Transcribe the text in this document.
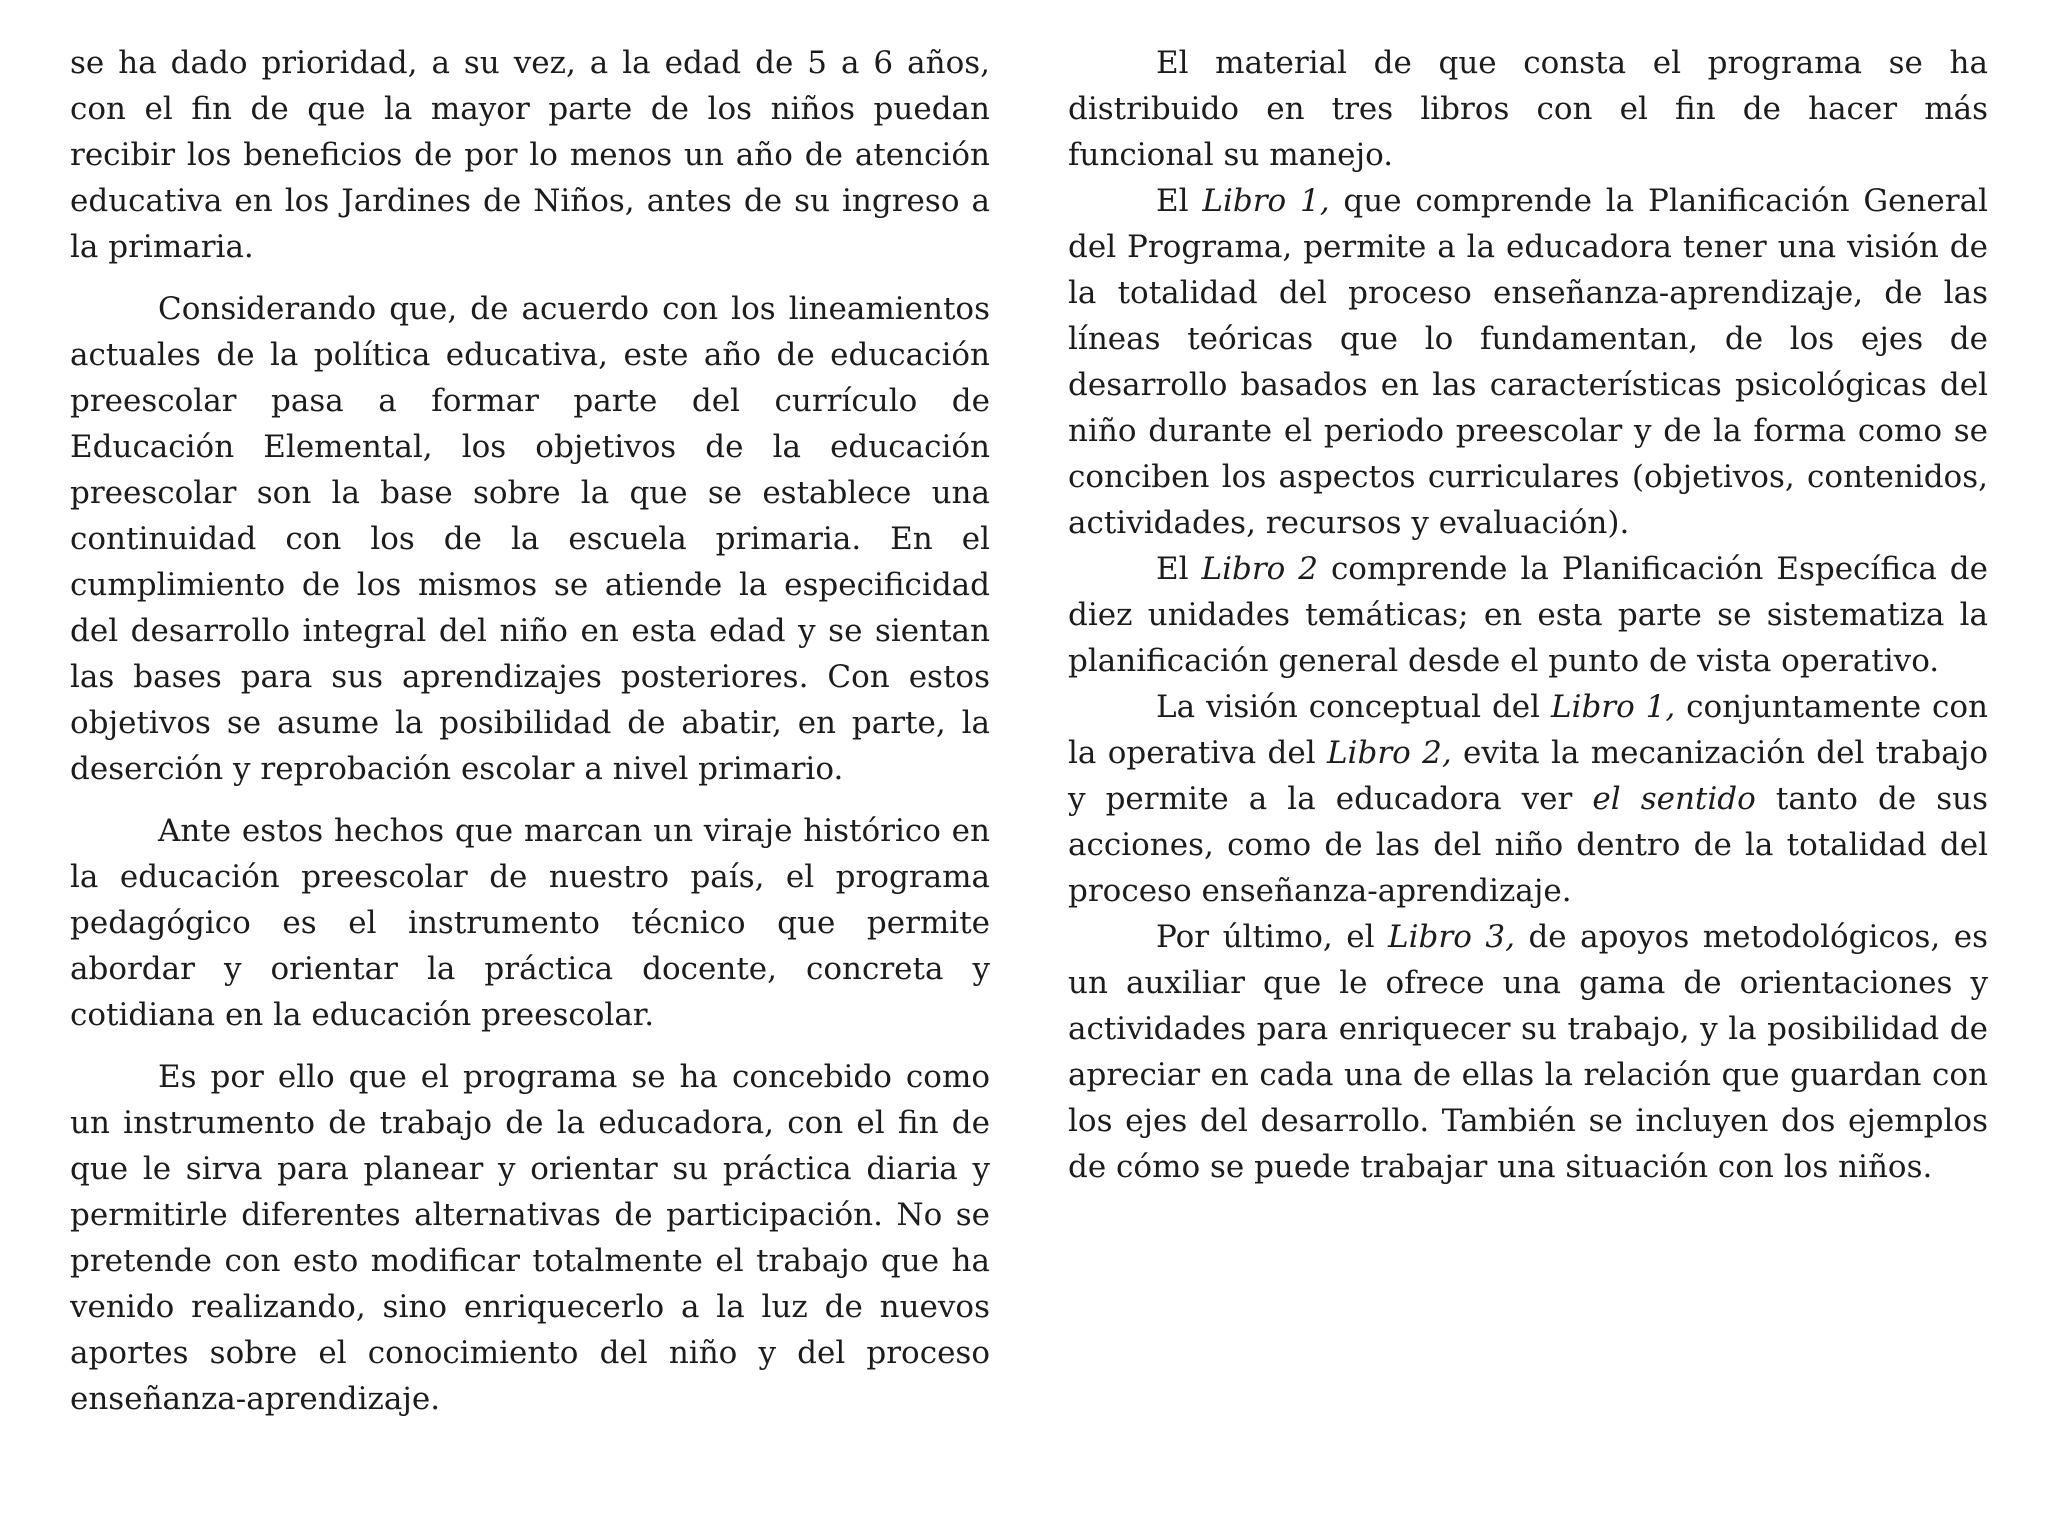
se ha dado prioridad, a su vez, a la edad de 5 a 6 años, con el fin de que la mayor parte de los niños puedan recibir los beneficios de por lo menos un año de atención educativa en los Jardines de Niños, antes de su ingreso a la primaria.

Considerando que, de acuerdo con los lineamientos actuales de la política educativa, este año de educación preescolar pasa a formar parte del currículo de Educación Elemental, los objetivos de la educación preescolar son la base sobre la que se establece una continuidad con los de la escuela primaria. En el cumplimiento de los mismos se atiende la especificidad del desarrollo integral del niño en esta edad y se sientan las bases para sus aprendizajes posteriores. Con estos objetivos se asume la posibilidad de abatir, en parte, la deserción y reprobación escolar a nivel primario.

Ante estos hechos que marcan un viraje histórico en la educación preescolar de nuestro país, el programa pedagógico es el instrumento técnico que permite abordar y orientar la práctica docente, concreta y cotidiana en la educación preescolar.

Es por ello que el programa se ha concebido como un instrumento de trabajo de la educadora, con el fin de que le sirva para planear y orientar su práctica diaria y permitirle diferentes alternativas de participación. No se pretende con esto modificar totalmente el trabajo que ha venido realizando, sino enriquecerlo a la luz de nuevos aportes sobre el conocimiento del niño y del proceso enseñanza-aprendizaje.

El material de que consta el programa se ha distribuido en tres libros con el fin de hacer más funcional su manejo.

El Libro 1, que comprende la Planificación General del Programa, permite a la educadora tener una visión de la totalidad del proceso enseñanza-aprendizaje, de las líneas teóricas que lo fundamentan, de los ejes de desarrollo basados en las características psicológicas del niño durante el periodo preescolar y de la forma como se conciben los aspectos curriculares (objetivos, contenidos, actividades, recursos y evaluación).

El Libro 2 comprende la Planificación Específica de diez unidades temáticas; en esta parte se sistematiza la planificación general desde el punto de vista operativo.

La visión conceptual del Libro 1, conjuntamente con la operativa del Libro 2, evita la mecanización del trabajo y permite a la educadora ver el sentido tanto de sus acciones, como de las del niño dentro de la totalidad del proceso enseñanza-aprendizaje.

Por último, el Libro 3, de apoyos metodológicos, es un auxiliar que le ofrece una gama de orientaciones y actividades para enriquecer su trabajo, y la posibilidad de apreciar en cada una de ellas la relación que guardan con los ejes del desarrollo. También se incluyen dos ejemplos de cómo se puede trabajar una situación con los niños.
